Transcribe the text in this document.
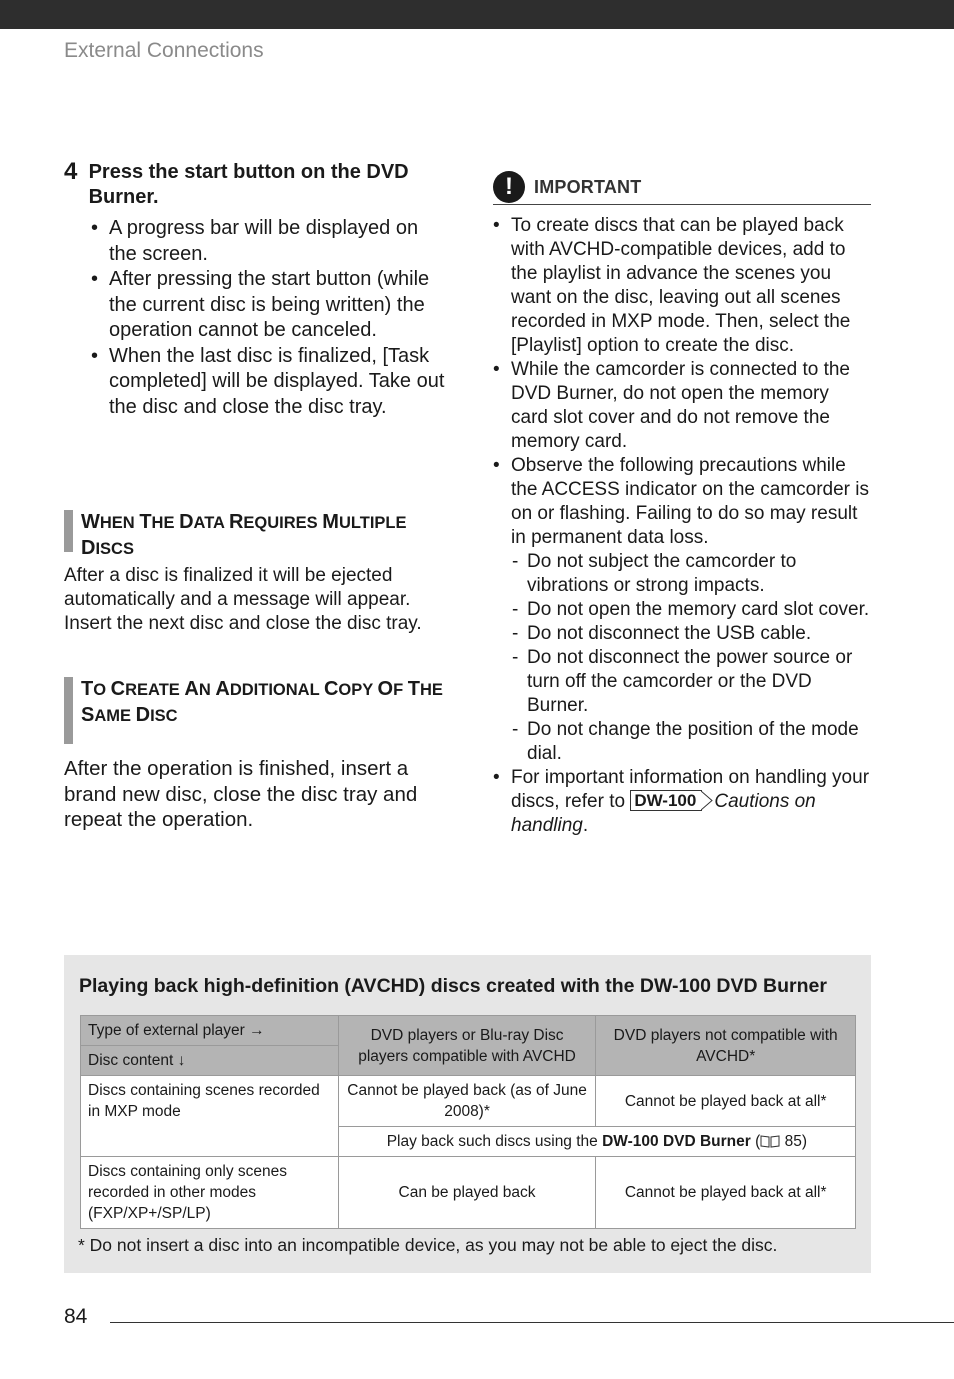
External Connections
4 Press the start button on the DVD Burner.
• A progress bar will be displayed on the screen.
• After pressing the start button (while the current disc is being written) the operation cannot be canceled.
• When the last disc is finalized, [Task completed] will be displayed. Take out the disc and close the disc tray.
WHEN THE DATA REQUIRES MULTIPLE DISCS
After a disc is finalized it will be ejected automatically and a message will appear. Insert the next disc and close the disc tray.
TO CREATE AN ADDITIONAL COPY OF THE SAME DISC
After the operation is finished, insert a brand new disc, close the disc tray and repeat the operation.
!	IMPORTANT
• To create discs that can be played back with AVCHD-compatible devices, add to the playlist in advance the scenes you want on the disc, leaving out all scenes recorded in MXP mode. Then, select the [Playlist] option to create the disc.
• While the camcorder is connected to the DVD Burner, do not open the memory card slot cover and do not remove the memory card.
• Observe the following precautions while the ACCESS indicator on the camcorder is on or flashing. Failing to do so may result in permanent data loss.
- Do not subject the camcorder to vibrations or strong impacts.
- Do not open the memory card slot cover.
- Do not disconnect the USB cable.
- Do not disconnect the power source or turn off the camcorder or the DVD Burner.
- Do not change the position of the mode dial.
• For important information on handling your discs, refer to DW-100 Cautions on handling.
Playing back high-definition (AVCHD) discs created with the DW-100 DVD Burner
Type of external player →	DVD players or Blu-ray Disc players compatible with AVCHD	DVD players not compatible with AVCHD*
Disc content ↓		
Discs containing scenes recorded in MXP mode	Cannot be played back (as of June 2008)*	Cannot be played back at all*
	Play back such discs using the DW-100 DVD Burner ( 85)	
Discs containing only scenes recorded in other modes (FXP/XP+/SP/LP)	Can be played back	Cannot be played back at all*
* Do not insert a disc into an incompatible device, as you may not be able to eject the disc.
84
